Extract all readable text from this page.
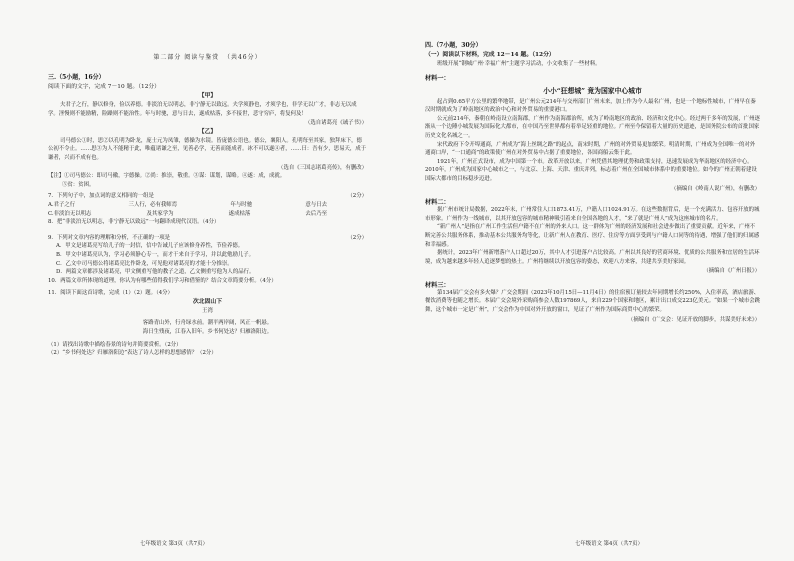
第二部分 阅读与鉴赏 （共46分）

三.（5小题，16分）

阅读下面的文字，完成 7－10 题。（12分）

【甲】

夫君子之行，静以修身，俭以养德。非淡泊无以明志，非宁静无以致远。夫学须静也，才须学也，非学无以广才，非志无以成学。淫慢则不能励精，险躁则不能治性。年与时驰，意与日去，遂成枯落，多不接世，悲守穷庐，将复何及！

（选自诸葛亮《诫子书》）

【乙】

司马德公①时，思②以孔明为卧龙，庞士元为凤雏，德操为水镜。皆庞德公语也。德公，襄阳人。孔明每至其家，独拜床下，德公初不令止。……思③为人不能精于此，唯蕴诸谦之至，见善必学，无善而能成者。冰不可以遂④者，……曰：吾有少，思易天，成于谦者，兴而不成有也。

（选自《三国志诸葛亮传》，有删改）

【注】①司马德公：即司马徽，字德操。②尚：推崇，敬重。③谋：谋划，谋略。④遂：成，成就。

⑤贫：贫困。

7．下列句子中，加点词的意义相同的一组是	（2分）
A.君子之行	三人行，必有我师焉	年与时驰	意与日去
C.非淡泊无以明志	及其家学为	遂成枯落	去后乃至

8．把“非淡泊无以明志，非宁静无以致远”一句翻译成现代汉语。（4分）

9．下列对文章内容的理解和分析，不正确的一项是	（2分）

A．甲文是诸葛亮写给儿子的一封信，信中告诫儿子应该修身养性，节俭养德。

B．甲文中诸葛亮认为，学习必须静心专一，而才干来自于学习，并以此勉励儿子。

C．乙文中司马德公将诸葛亮比作卧龙，可见他对诸葛亮的才能十分推崇。

D．两篇文章都涉及诸葛亮，甲文侧重写他的教子之道，乙文侧重写他为人的品行。

10．两篇文章所体现的道理，你认为有哪些值得我们学习和借鉴的？结合文章简要分析。（4分）

11．阅读下面这首诗歌，完成（1）（2）题。（4分）

次北固山下

王湾

客路青山外，行舟绿水前。潮平两岸阔，风正一帆悬。

海日生残夜，江春入旧年。乡书何处达？归雁洛阳边。

（1）请找出诗歌中描绘春景的诗句并简要赏析。（2分）

（2）“乡书何处达？归雁洛阳边”表达了诗人怎样的思想感情？（2分）

七年级语文 第3页（共7页）

四.（7小题，30分）

（一）阅读以下材料，完成 12－14 题。（12分）

班级开展“钢城广州·幸福广州”主题学习活动，小文收集了一些材料。

材料一：

小小“狂想城” 竟为国家中心城市

起占到0.65平方公里的繁华地带，是广州公元214年与交州部门广州末来，加上作为今人最名广州，也是一个地标性城市，广州早在秦汉时期就成为了岭南地区的政治中心和对外贸易的重要港口。

公元前214年，秦朝在岭南设立南海郡，广州作为南海郡治所，成为了岭南地区的政治、经济和文化中心。经过两千多年的发展，广州逐渐从一个边陲小城发展为国际化大都市，在中国乃至世界都有着举足轻重的地位。广州至今保留着大量的历史遗迹，是国务院公布的首批国家历史文化名城之一。

宋代政府下令开埠通商，广州成为“海上丝绸之路”的起点，南宋时期，广州的对外贸易更加繁荣。明清时期，广州成为全国唯一的对外通商口岸，“一口通商”的政策使广州在对外贸易中占据了重要地位，各国商船云集于此。

1921年，广州正式设市，成为中国第一个市。改革开放以来，广州凭借其地理优势和政策支持，迅速发展成为华南地区的经济中心。2010年，广州成为国家中心城市之一，与北京、上海、天津、重庆并列，标志着广州在全国城市体系中的重要地位。如今的广州正朝着建设国际大都市的目标稳步迈进。

（摘编自《岭南人说广州》，有删改）

材料二：

据广州市统计局数据，2022年末，广州常住人口1873.41万，户籍人口1024.91万。在这些数据背后，是一个充满活力、包容开放的城市形象。广州作为一线城市，以其开放包容的城市精神吸引着来自全国各地的人才，“来了就是广州人”成为这座城市的名片。

“新广州人”是指在广州工作生活但户籍不在广州的外来人口。这一群体为广州的经济发展和社会进步做出了重要贡献。近年来，广州不断完善公共服务体系，推动基本公共服务均等化，让新广州人在教育、医疗、住房等方面享受到与户籍人口同等的待遇，增强了他们的归属感和幸福感。

据统计，2023年广州新增落户人口超过20万，其中人才引进落户占比较高。广州以其良好的营商环境、优质的公共服务和宜居的生活环境，成为越来越多年轻人追逐梦想的热土。广州将继续以开放包容的姿态，欢迎八方来客，共建共享美好家园。

（摘编自《广州日报》）

材料三：

第134届广交会有多火爆？广交会期间（2023年10月15日—11月4日）的住宿预订量较去年同期增长约250%，入住率高，酒店旅游、餐饮消费等也随之增长。本届广交会境外采购商参会人数197869人，来自229个国家和地区，累计出口成交223亿美元。“如果一个城市会跳舞，这个城市一定是广州”，广交会作为中国对外开放的窗口，见证了广州作为国际商贸中心的繁荣。

（摘编自《广交会：见证开放的脚步，共谋美好未来》）

七年级语文 第4页（共7页）
